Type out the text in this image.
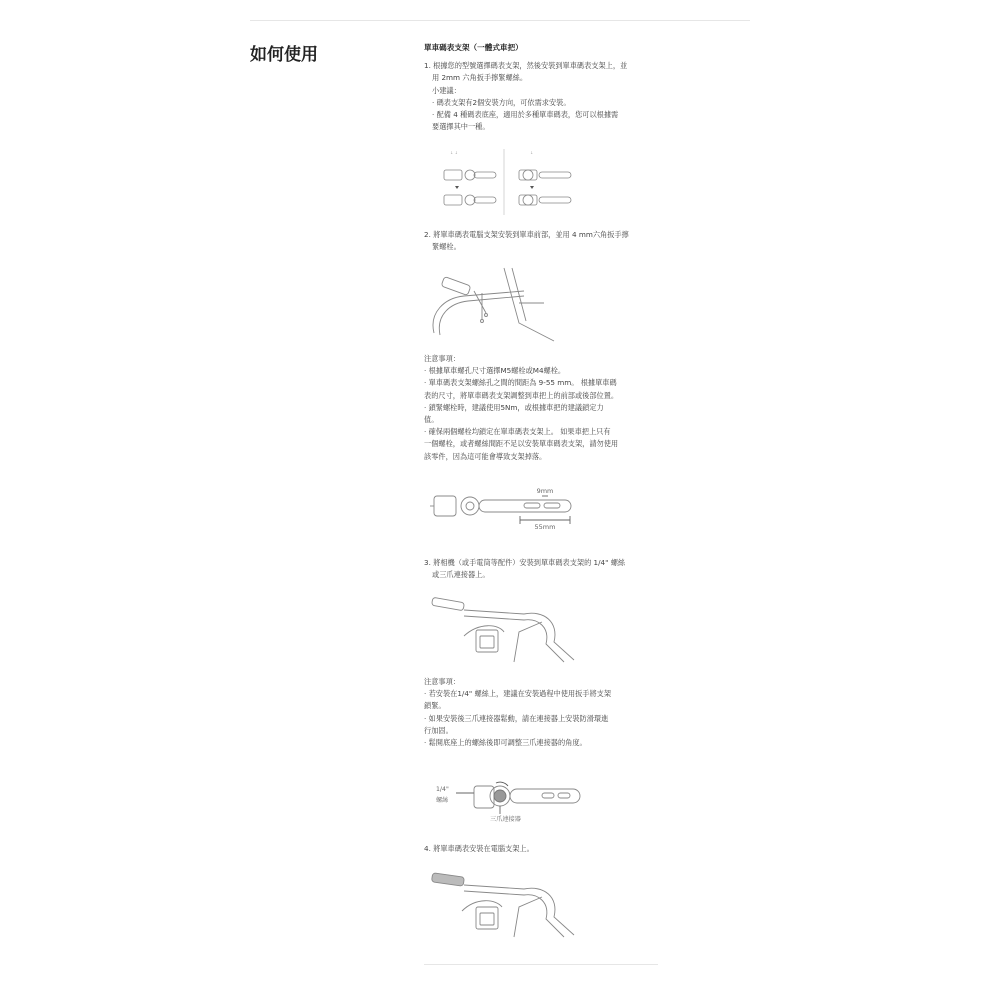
如何使用	單車碼表支架（一體式車把）

1. 根據您的型號選擇碼表支架，然後安裝到單車碼表支架上，並

用 2mm 六角扳手擰緊螺絲。

小建議：

· 碼表支架有2個安裝方向，可依需求安裝。

· 配備 4 種碼表底座，適用於多種單車碼表，您可以根據需

要選擇其中一種。

↓ ↓	↓

2. 將單車碼表電腦支架安裝到單車前部，並用 4 mm六角扳手擰

緊螺栓。

注意事項：

· 根據單車螺孔尺寸選擇M5螺栓或M4螺栓。

· 單車碼表支架螺絲孔之間的間距為 9-55 mm。 根據單車碼

表的尺寸，將單車碼表支架調整到車把上的前部或後部位置。

· 鎖緊螺栓時，建議使用5Nm，或根據車把的建議鎖定力

值。

· 確保兩個螺栓均鎖定在單車碼表支架上。 如果車把上只有

一個螺栓，或者螺絲間距不足以安裝單車碼表支架，請勿使用

該零件，因為這可能會導致支架掉落。

9mm
55mm

3. 將相機（或手電筒等配件）安裝到單車碼表支架的 1/4" 螺絲

或三爪連接器上。

注意事項：

· 若安裝在1/4" 螺絲上，建議在安裝過程中使用扳手將支架

鎖緊。

· 如果安裝後三爪連接器鬆動，請在連接器上安裝防滑環進

行加固。

· 鬆開底座上的螺絲後即可調整三爪連接器的角度。

1/4"
螺絲
三爪連接器

4. 將單車碼表安裝在電腦支架上。
